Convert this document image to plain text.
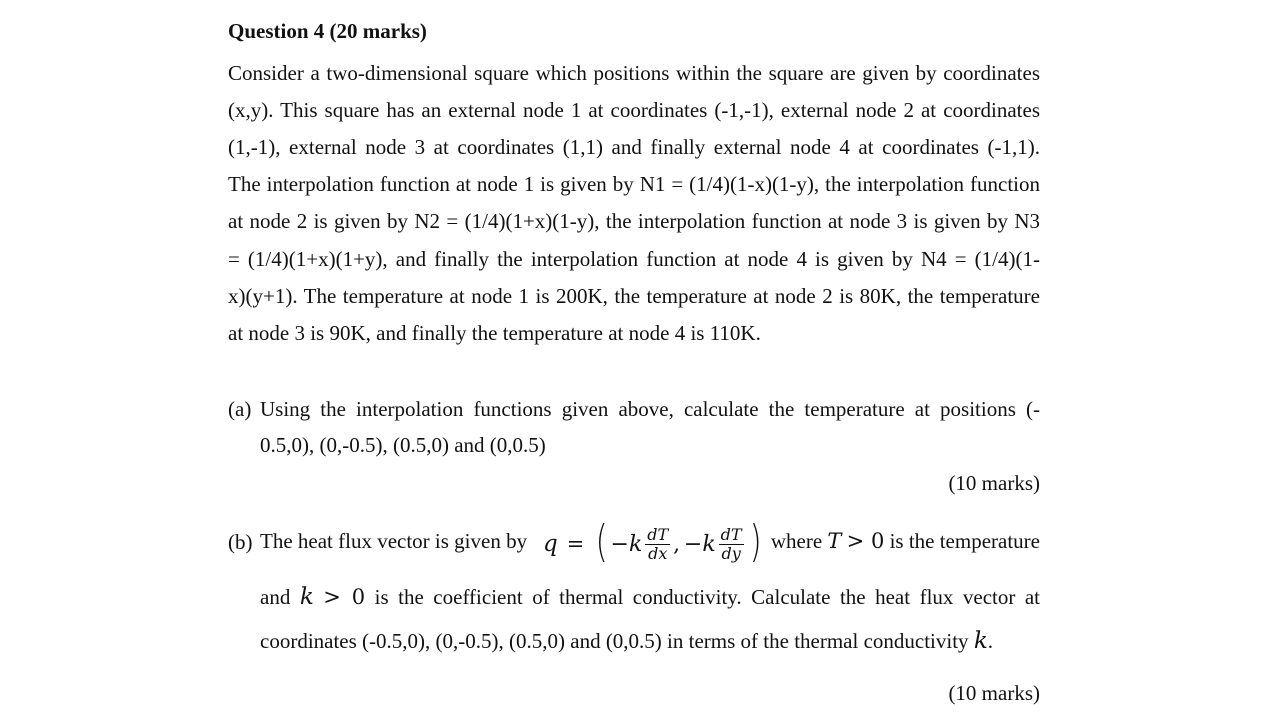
Question 4 (20 marks)

Consider a two-dimensional square which positions within the square are given by coordinates

(x,y). This square has an external node 1 at coordinates (-1,-1), external node 2 at coordinates

(1,-1), external node 3 at coordinates (1,1) and finally external node 4 at coordinates (-1,1).

The interpolation function at node 1 is given by N1 = (1/4)(1-x)(1-y), the interpolation function

at node 2 is given by N2 = (1/4)(1+x)(1-y), the interpolation function at node 3 is given by N3

= (1/4)(1+x)(1+y), and finally the interpolation function at node 4 is given by N4 = (1/4)(1-

x)(y+1). The temperature at node 1 is 200K, the temperature at node 2 is 80K, the temperature

at node 3 is 90K, and finally the temperature at node 4 is 110K.

(a) Using the interpolation functions given above, calculate the temperature at positions (-

0.5,0), (0,-0.5), (0.5,0) and (0,0.5)

(10 marks)

(b) The heat flux vector is given by q = ( $-k \frac{dT}{dx}$ , $-k \frac{dT}{dy}$ ) where T > 0 is the temperature

and k > 0 is the coefficient of thermal conductivity. Calculate the heat flux vector at

coordinates (-0.5,0), (0,-0.5), (0.5,0) and (0,0.5) in terms of the thermal conductivity k.

(10 marks)
